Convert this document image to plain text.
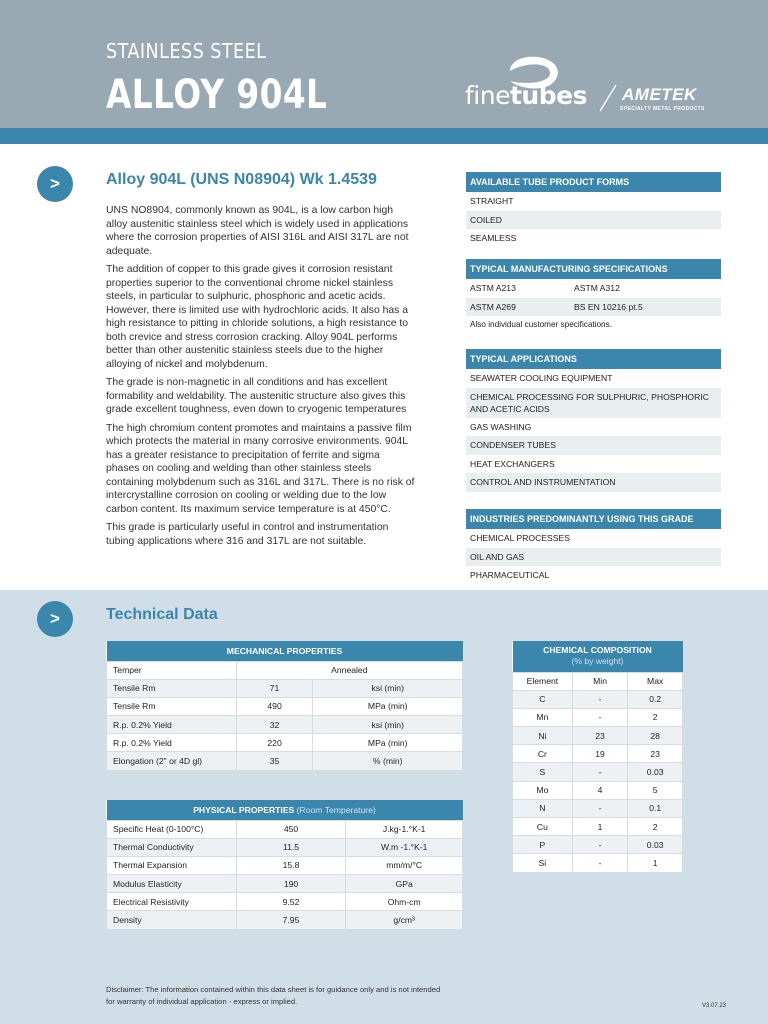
STAINLESS STEEL
ALLOY 904L	finetubes AMETEK
SPECIALTY METAL PRODUCTS
>	Alloy 904L (UNS N08904) Wk 1.4539

UNS NO8904, commonly known as 904L, is a low carbon high alloy austenitic stainless steel which is widely used in applications where the corrosion properties of AISI 316L and AISI 317L are not adequate.

The addition of copper to this grade gives it corrosion resistant properties superior to the conventional chrome nickel stainless steels, in particular to sulphuric, phosphoric and acetic acids. However, there is limited use with hydrochloric acids. It also has a high resistance to pitting in chloride solutions, a high resistance to both crevice and stress corrosion cracking. Alloy 904L performs better than other austenitic stainless steels due to the higher alloying of nickel and molybdenum.

The grade is non-magnetic in all conditions and has excellent formability and weldability. The austenitic structure also gives this grade excellent toughness, even down to cryogenic temperatures

The high chromium content promotes and maintains a passive film which protects the material in many corrosive environments. 904L has a greater resistance to precipitation of ferrite and sigma phases on cooling and welding than other stainless steels containing molybdenum such as 316L and 317L. There is no risk of intercrystalline corrosion on cooling or welding due to the low carbon content. Its maximum service temperature is at 450°C.

This grade is particularly useful in control and instrumentation tubing applications where 316 and 317L are not suitable.

AVAILABLE TUBE PRODUCT FORMS
STRAIGHT
COILED
SEAMLESS
TYPICAL MANUFACTURING SPECIFICATIONS
ASTM A213	ASTM A312
ASTM A269	BS EN 10216 pt.5
Also individual customer specifications.
TYPICAL APPLICATIONS
SEAWATER COOLING EQUIPMENT
CHEMICAL PROCESSING FOR SULPHURIC, PHOSPHORIC AND ACETIC ACIDS
GAS WASHING
CONDENSER TUBES
HEAT EXCHANGERS
CONTROL AND INSTRUMENTATION
INDUSTRIES PREDOMINANTLY USING THIS GRADE
CHEMICAL PROCESSES
OIL AND GAS
PHARMACEUTICAL
>	Technical Data
MECHANICAL PROPERTIES		
Temper	Annealed	
Tensile Rm	71	ksi (min)
Tensile Rm	490	MPa (min)
R.p. 0.2% Yield	32	ksi (min)
R.p. 0.2% Yield	220	MPa (min)
Elongation (2" or 4D gl)	35	% (min)
PHYSICAL PROPERTIES (Room Temperature)		
Specific Heat (0-100°C)	450	J.kg-1.°K-1
Thermal Conductivity	11.5	W.m -1.°K-1
Thermal Expansion	15.8	mm/m/°C
Modulus Elasticity	190	GPa
Electrical Resistivity	9.52	Ohm-cm
Density	7.95	g/cm³
CHEMICAL COMPOSITION
(% by weight)		

Element	Min	Max
C	-	0.2
Mn	-	2
Ni	23	28
Cr	19	23
S	-	0.03
Mo	4	5
N	-	0.1
Cu	1	2
P	-	0.03
Si	-	1
Disclaimer: The information contained within this data sheet is for guidance only and is not intended for warranty of individual application - express or implied.	V3.07.23
